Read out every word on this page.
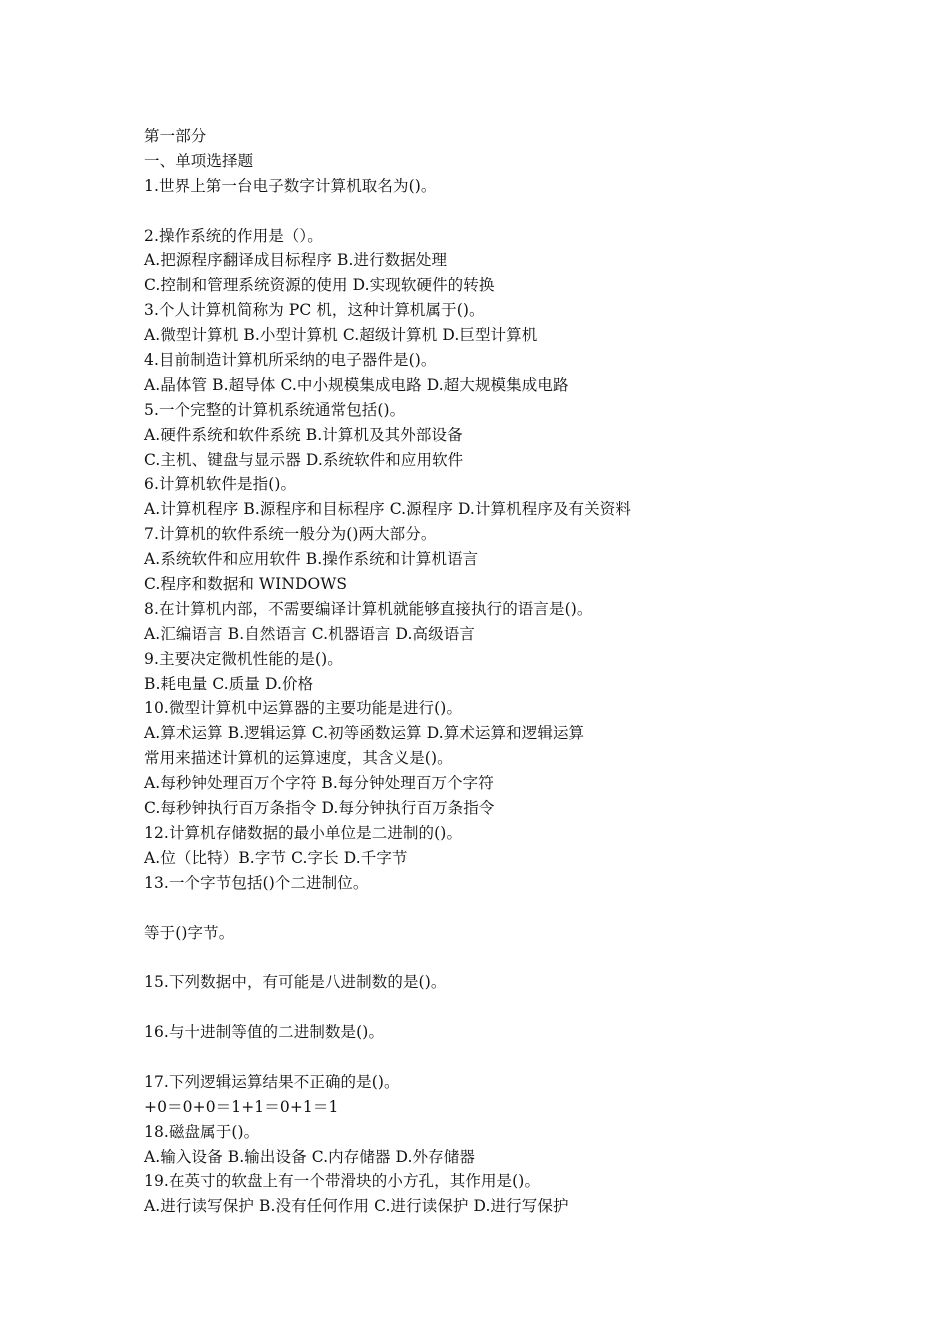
第一部分
一、单项选择题
1.世界上第一台电子数字计算机取名为()。
2.操作系统的作用是（）。
A.把源程序翻译成目标程序 B.进行数据处理
C.控制和管理系统资源的使用 D.实现软硬件的转换
3.个人计算机简称为 PC 机，这种计算机属于()。
A.微型计算机 B.小型计算机 C.超级计算机 D.巨型计算机
4.目前制造计算机所采纳的电子器件是()。
A.晶体管 B.超导体 C.中小规模集成电路 D.超大规模集成电路
5.一个完整的计算机系统通常包括()。
A.硬件系统和软件系统 B.计算机及其外部设备
C.主机、键盘与显示器 D.系统软件和应用软件
6.计算机软件是指()。
A.计算机程序 B.源程序和目标程序 C.源程序 D.计算机程序及有关资料
7.计算机的软件系统一般分为()两大部分。
A.系统软件和应用软件 B.操作系统和计算机语言
C.程序和数据和 WINDOWS
8.在计算机内部，不需要编译计算机就能够直接执行的语言是()。
A.汇编语言 B.自然语言 C.机器语言 D.高级语言
9.主要决定微机性能的是()。
B.耗电量 C.质量 D.价格
10.微型计算机中运算器的主要功能是进行()。
A.算术运算 B.逻辑运算 C.初等函数运算 D.算术运算和逻辑运算
常用来描述计算机的运算速度，其含义是()。
A.每秒钟处理百万个字符 B.每分钟处理百万个字符
C.每秒钟执行百万条指令 D.每分钟执行百万条指令
12.计算机存储数据的最小单位是二进制的()。
A.位（比特）B.字节 C.字长 D.千字节
13.一个字节包括()个二进制位。
等于()字节。
15.下列数据中，有可能是八进制数的是()。
16.与十进制等值的二进制数是()。
17.下列逻辑运算结果不正确的是()。
+0＝0+0＝1+1＝0+1＝1
18.磁盘属于()。
A.输入设备 B.输出设备 C.内存储器 D.外存储器
19.在英寸的软盘上有一个带滑块的小方孔，其作用是()。
A.进行读写保护 B.没有任何作用 C.进行读保护 D.进行写保护
